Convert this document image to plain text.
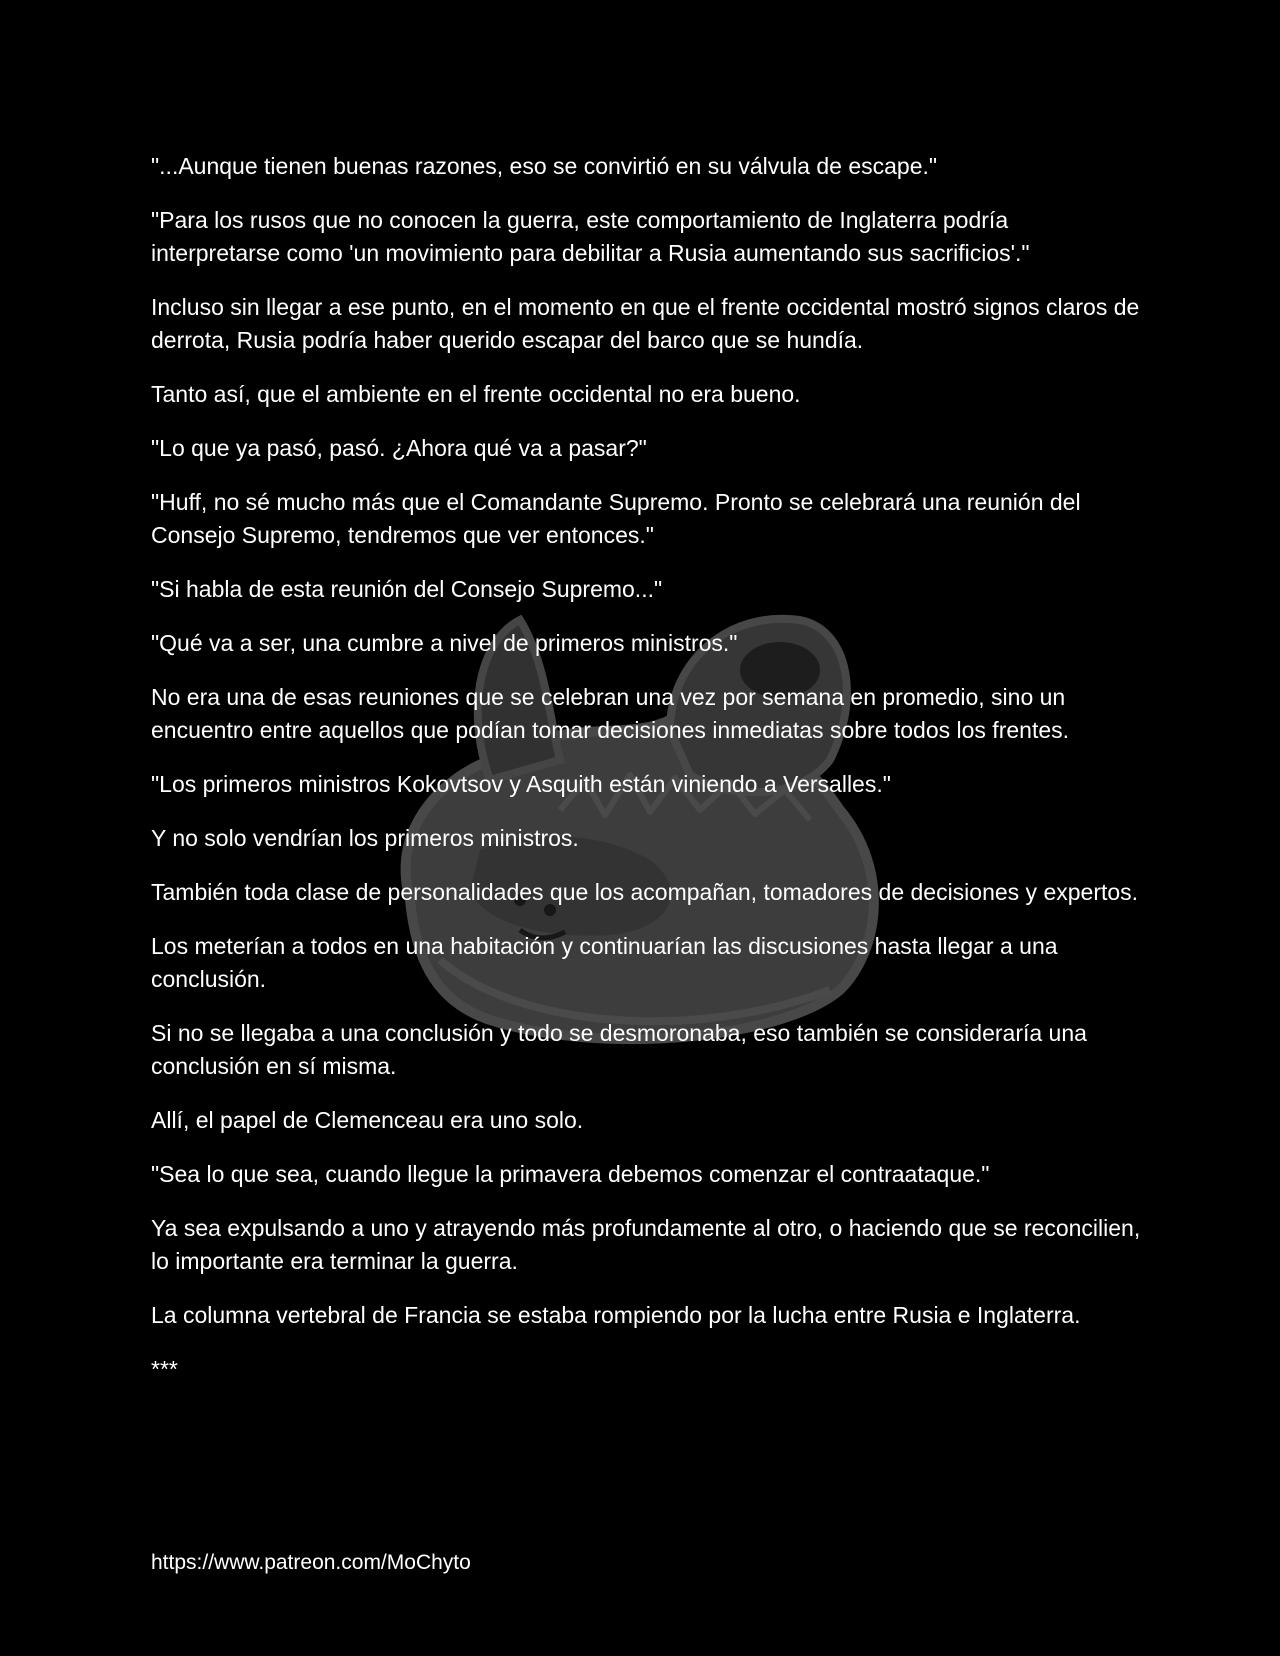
"...Aunque tienen buenas razones, eso se convirtió en su válvula de escape."

"Para los rusos que no conocen la guerra, este comportamiento de Inglaterra podría interpretarse como 'un movimiento para debilitar a Rusia aumentando sus sacrificios'."

Incluso sin llegar a ese punto, en el momento en que el frente occidental mostró signos claros de derrota, Rusia podría haber querido escapar del barco que se hundía.

Tanto así, que el ambiente en el frente occidental no era bueno.

"Lo que ya pasó, pasó. ¿Ahora qué va a pasar?"

"Huff, no sé mucho más que el Comandante Supremo. Pronto se celebrará una reunión del Consejo Supremo, tendremos que ver entonces."

"Si habla de esta reunión del Consejo Supremo..."

"Qué va a ser, una cumbre a nivel de primeros ministros."

No era una de esas reuniones que se celebran una vez por semana en promedio, sino un encuentro entre aquellos que podían tomar decisiones inmediatas sobre todos los frentes.

"Los primeros ministros Kokovtsov y Asquith están viniendo a Versalles."

Y no solo vendrían los primeros ministros.

También toda clase de personalidades que los acompañan, tomadores de decisiones y expertos.

Los meterían a todos en una habitación y continuarían las discusiones hasta llegar a una conclusión.

Si no se llegaba a una conclusión y todo se desmoronaba, eso también se consideraría una conclusión en sí misma.

Allí, el papel de Clemenceau era uno solo.

"Sea lo que sea, cuando llegue la primavera debemos comenzar el contraataque."

Ya sea expulsando a uno y atrayendo más profundamente al otro, o haciendo que se reconcilien, lo importante era terminar la guerra.

La columna vertebral de Francia se estaba rompiendo por la lucha entre Rusia e Inglaterra.

***

https://www.patreon.com/MoChyto
